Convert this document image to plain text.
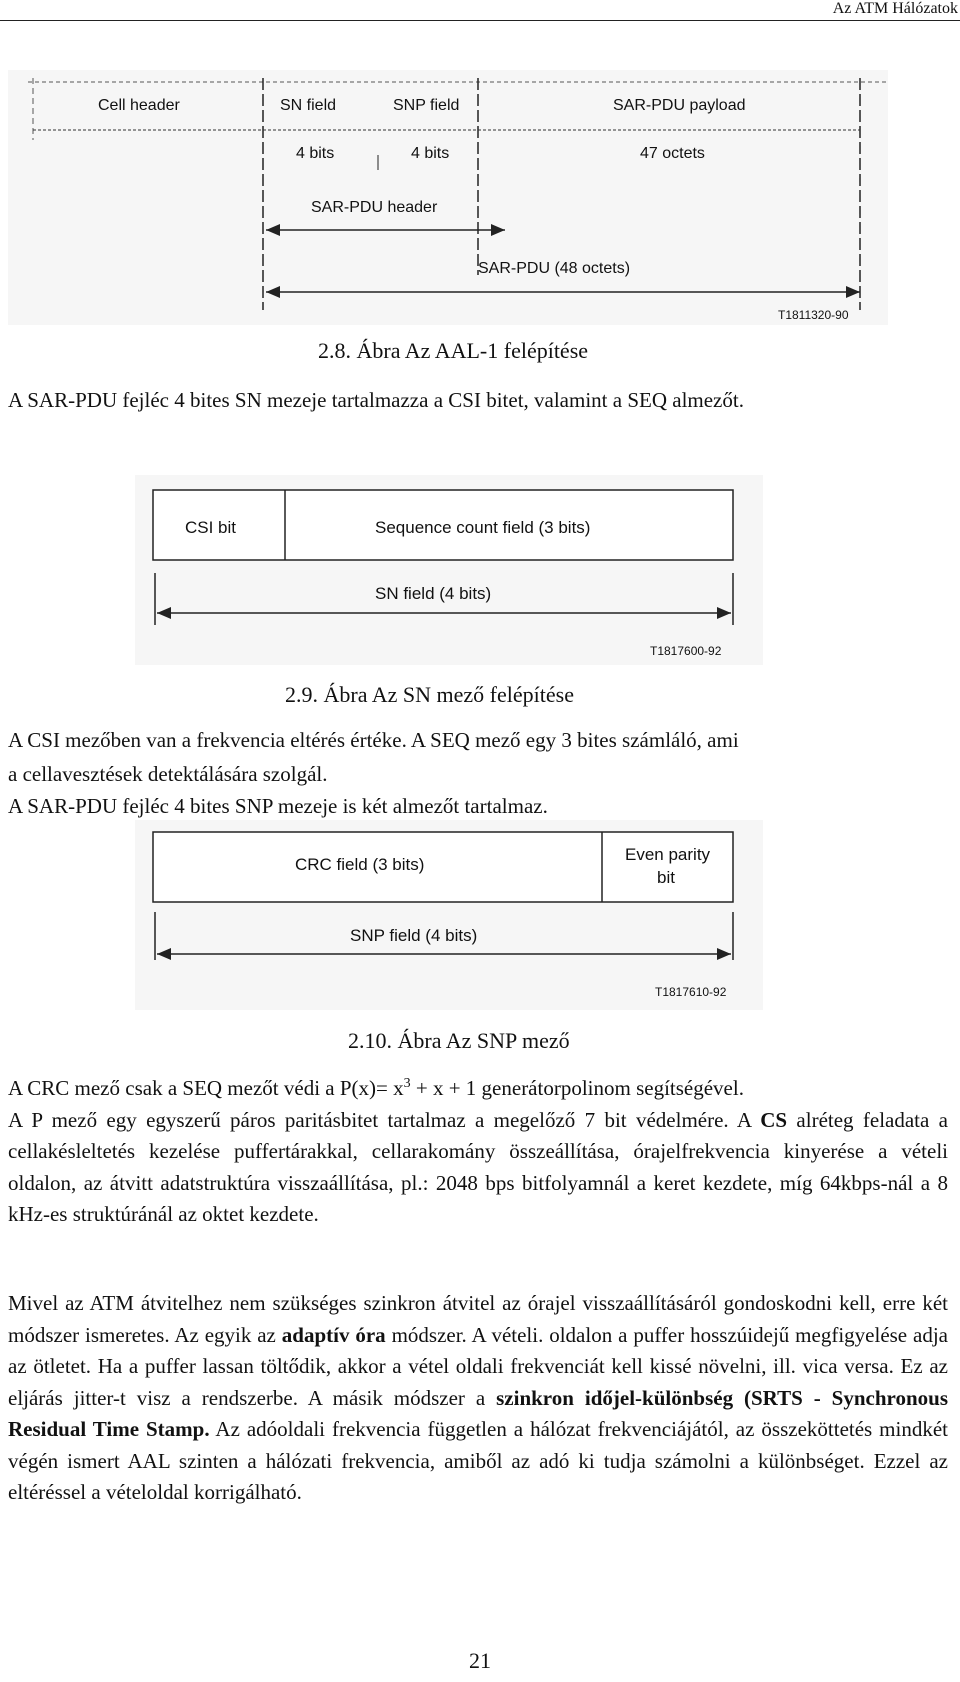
Az ATM Hálózatok
Cell header	SN field	SNP field	SAR-PDU payload
4 bits	4 bits	47 octets
SAR-PDU header
SAR-PDU (48 octets)
T1811320-90
2.8. Ábra Az AAL-1 felépítése
A SAR-PDU fejléc 4 bites SN mezeje tartalmazza a CSI bitet, valamint a SEQ almezőt.
CSI bit	Sequence count field (3 bits)
SN field (4 bits)
T1817600-92
2.9. Ábra Az SN mező felépítése
A CSI mezőben van a frekvencia eltérés értéke. A SEQ mező egy 3 bites számláló, ami
a cellavesztések detektálására szolgál.
A SAR-PDU fejléc 4 bites SNP mezeje is két almezőt tartalmaz.
CRC field (3 bits)
Even parity
bit
SNP field (4 bits)
T1817610-92
2.10. Ábra Az SNP mező
A CRC mező csak a SEQ mezőt védi a $P(x)= x^3 + x + 1$ generátorpolinom segítségével.
A P mező egy egyszerű páros paritásbitet tartalmaz a megelőző 7 bit védelmére. A CS alréteg feladata a cellakésleltetés kezelése puffertárakkal, cellarakomány összeállítása, órajelfrekvencia kinyerése a vételi oldalon, az átvitt adatstruktúra visszaállítása, pl.: 2048 bps bitfolyamnál a keret kezdete, míg 64kbps-nál a 8 kHz-es struktúránál az oktet kezdete.
Mivel az ATM átvitelhez nem szükséges szinkron átvitel az órajel visszaállításáról gondoskodni kell, erre két módszer ismeretes. Az egyik az adaptív óra módszer. A vételi. oldalon a puffer hosszúidejű megfigyelése adja az ötletet. Ha a puffer lassan töltődik, akkor a vétel oldali frekvenciát kell kissé növelni, ill. vica versa. Ez az eljárás jitter-t visz a rendszerbe. A másik módszer a szinkron időjel-különbség (SRTS - Synchronous Residual Time Stamp. Az adóoldali frekvencia független a hálózat frekvenciájától, az összeköttetés mindkét végén ismert AAL szinten a hálózati frekvencia, amiből az adó ki tudja számolni a különbséget. Ezzel az eltéréssel a vételoldal korrigálható.
21
